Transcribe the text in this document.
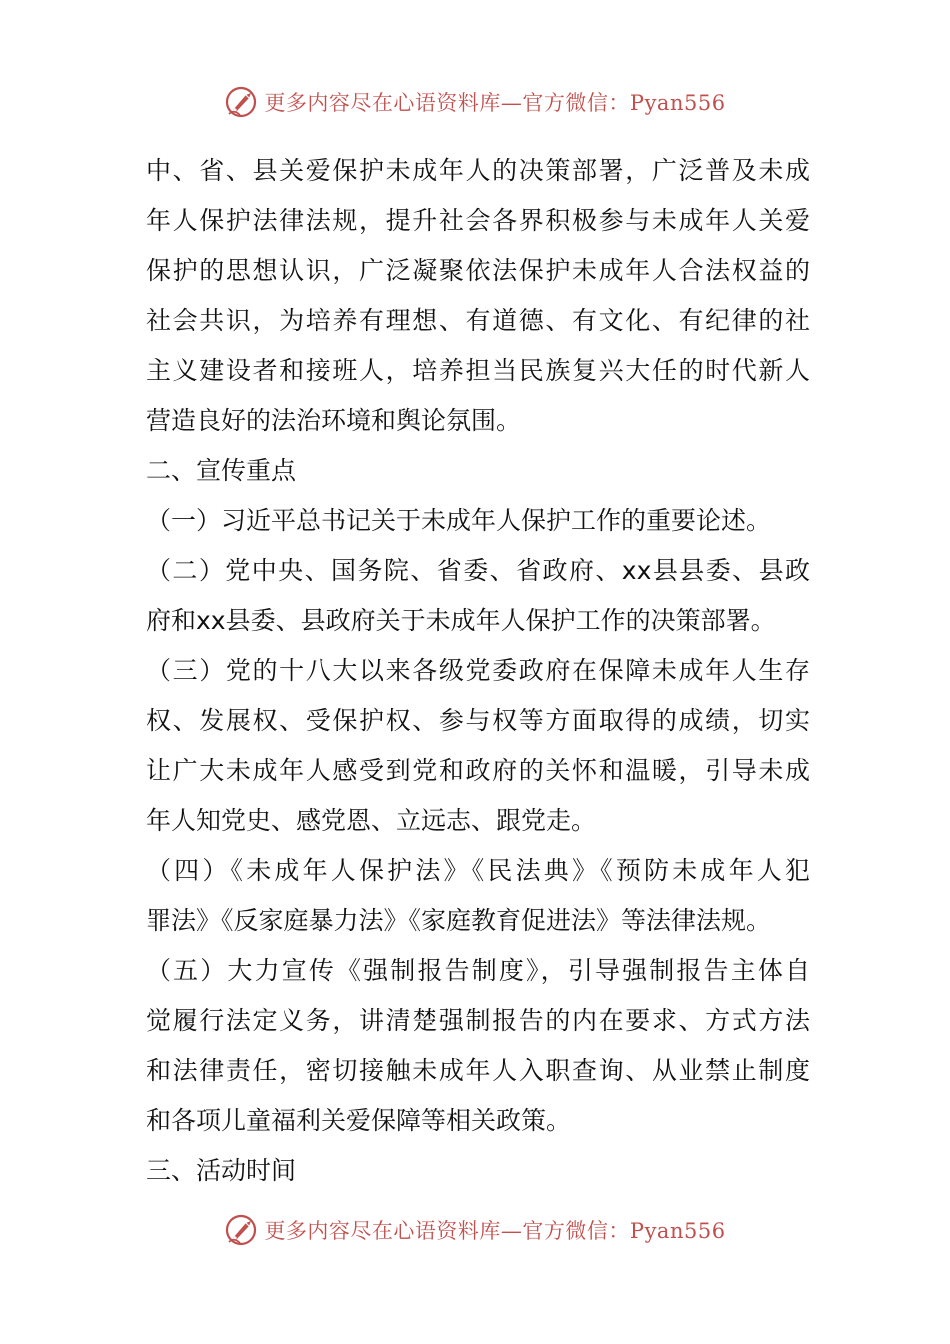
更多内容尽在心语资料库—官方微信：Pyan556
中、省、县关爱保护未成年人的决策部署，广泛普及未成
年人保护法律法规，提升社会各界积极参与未成年人关爱
保护的思想认识，广泛凝聚依法保护未成年人合法权益的
社会共识，为培养有理想、有道德、有文化、有纪律的社
主义建设者和接班人，培养担当民族复兴大任的时代新人
营造良好的法治环境和舆论氛围。
二、宣传重点
（一）习近平总书记关于未成年人保护工作的重要论述。
（二）党中央、国务院、省委、省政府、xx县县委、县政
府和xx县委、县政府关于未成年人保护工作的决策部署。
（三）党的十八大以来各级党委政府在保障未成年人生存
权、发展权、受保护权、参与权等方面取得的成绩，切实
让广大未成年人感受到党和政府的关怀和温暖，引导未成
年人知党史、感党恩、立远志、跟党走。
（四）《未成年人保护法》《民法典》《预防未成年人犯
罪法》《反家庭暴力法》《家庭教育促进法》等法律法规。
（五）大力宣传《强制报告制度》，引导强制报告主体自
觉履行法定义务，讲清楚强制报告的内在要求、方式方法
和法律责任，密切接触未成年人入职查询、从业禁止制度
和各项儿童福利关爱保障等相关政策。
三、活动时间
更多内容尽在心语资料库—官方微信：Pyan556
